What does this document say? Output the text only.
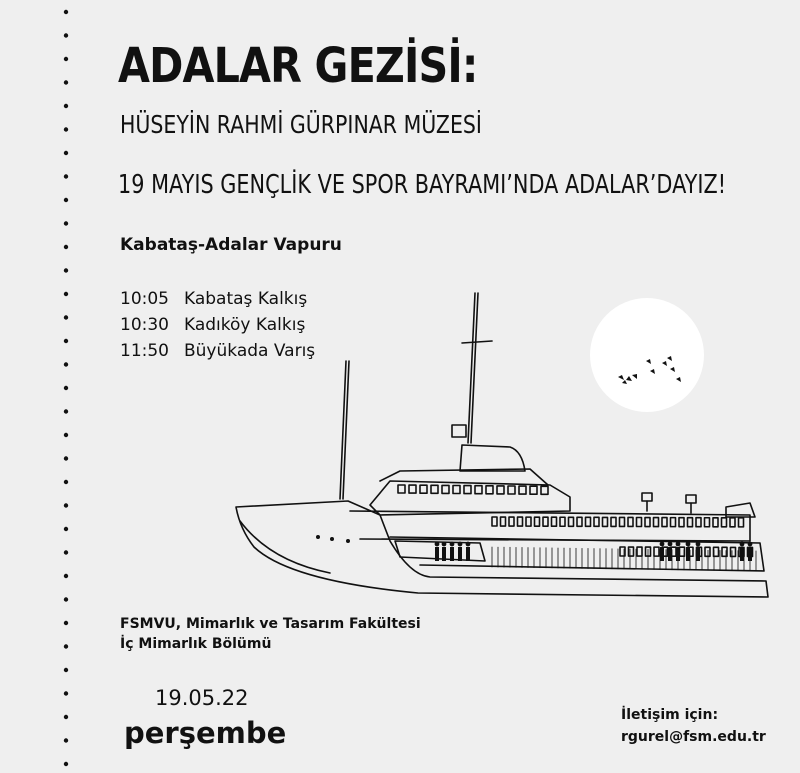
ADALAR GEZİSİ:
HÜSEYİN RAHMİ GÜRPINAR MÜZESİ
19 MAYIS GENÇLİK VE SPOR BAYRAMI’NDA ADALAR’DAYIZ!
Kabataş-Adalar Vapuru
10:05 Kabataş Kalkış
10:30 Kadıköy Kalkış
11:50 Büyükada Varış
FSMVU, Mimarlık ve Tasarım Fakültesi
İç Mimarlık Bölümü
19.05.22
perşembe
İletişim için:
rgurel@fsm.edu.tr
